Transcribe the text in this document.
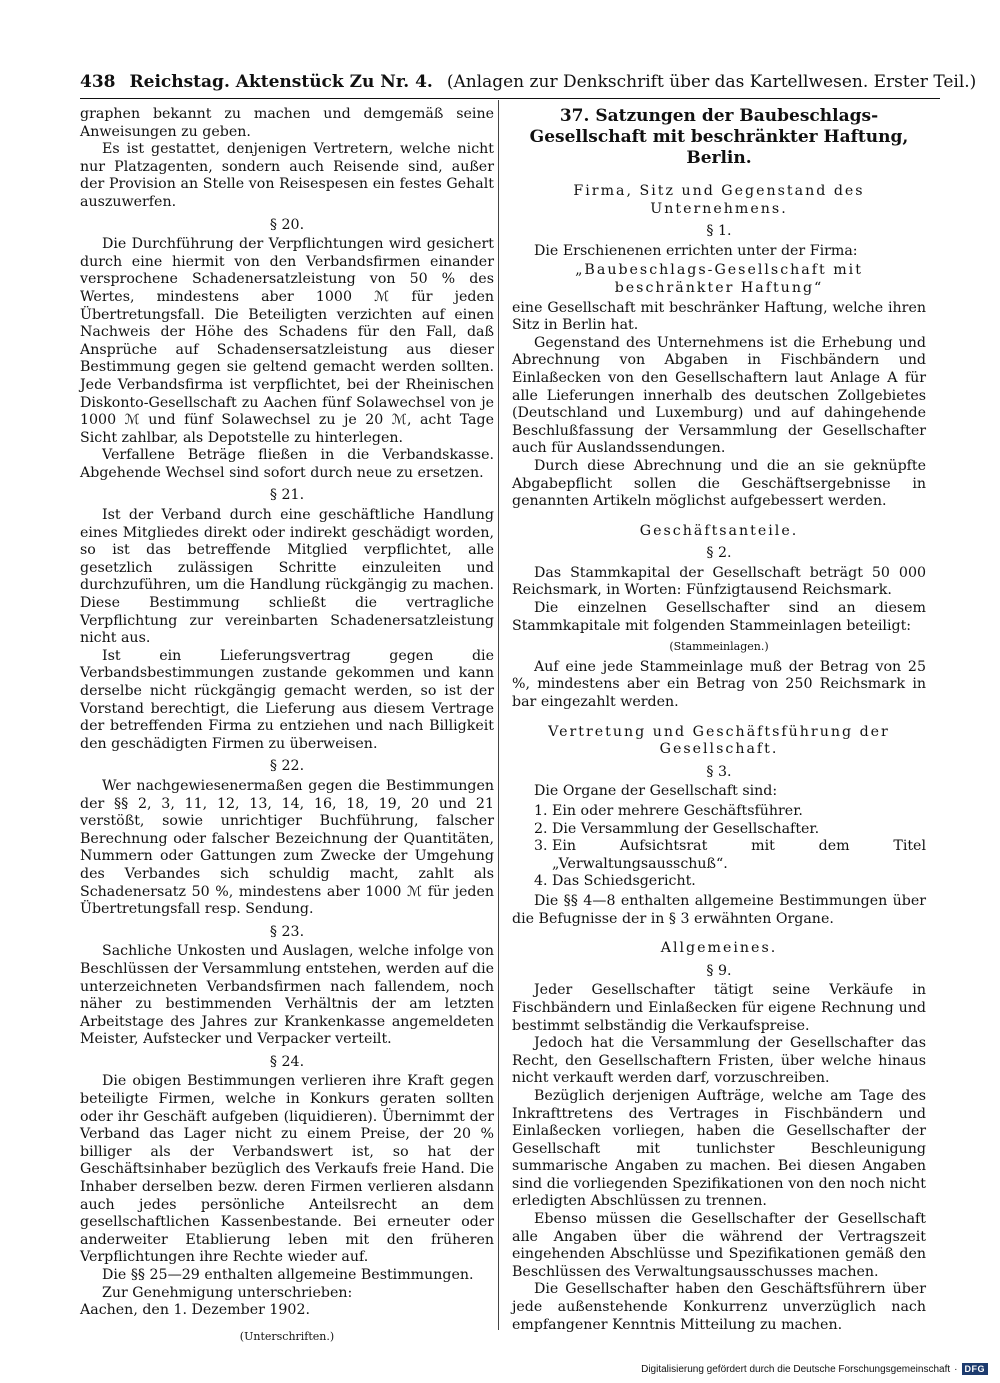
438 Reichstag. Aktenstück Zu Nr. 4. (Anlagen zur Denkschrift über das Kartellwesen. Erster Teil.)

graphen bekannt zu machen und demgemäß seine Anweisungen zu geben.

Es ist gestattet, denjenigen Vertretern, welche nicht nur Platzagenten, sondern auch Reisende sind, außer der Provision an Stelle von Reisespesen ein festes Gehalt auszuwerfen.

§ 20.

Die Durchführung der Verpflichtungen wird gesichert durch eine hiermit von den Verbandsfirmen einander versprochene Schadenersatzleistung von 50 % des Wertes, mindestens aber 1000 ℳ für jeden Übertretungsfall. Die Beteiligten verzichten auf einen Nachweis der Höhe des Schadens für den Fall, daß Ansprüche auf Schadensersatzleistung aus dieser Bestimmung gegen sie geltend gemacht werden sollten. Jede Verbandsfirma ist verpflichtet, bei der Rheinischen Diskonto-Gesellschaft zu Aachen fünf Solawechsel von je 1000 ℳ und fünf Solawechsel zu je 20 ℳ, acht Tage Sicht zahlbar, als Depotstelle zu hinterlegen.

Verfallene Beträge fließen in die Verbandskasse. Abgehende Wechsel sind sofort durch neue zu ersetzen.

§ 21.

Ist der Verband durch eine geschäftliche Handlung eines Mitgliedes direkt oder indirekt geschädigt worden, so ist das betreffende Mitglied verpflichtet, alle gesetzlich zulässigen Schritte einzuleiten und durchzuführen, um die Handlung rückgängig zu machen. Diese Bestimmung schließt die vertragliche Verpflichtung zur vereinbarten Schadenersatzleistung nicht aus.

Ist ein Lieferungsvertrag gegen die Verbandsbestimmungen zustande gekommen und kann derselbe nicht rückgängig gemacht werden, so ist der Vorstand berechtigt, die Lieferung aus diesem Vertrage der betreffenden Firma zu entziehen und nach Billigkeit den geschädigten Firmen zu überweisen.

§ 22.

Wer nachgewiesenermaßen gegen die Bestimmungen der §§ 2, 3, 11, 12, 13, 14, 16, 18, 19, 20 und 21 verstößt, sowie unrichtiger Buchführung, falscher Berechnung oder falscher Bezeichnung der Quantitäten, Nummern oder Gattungen zum Zwecke der Umgehung des Verbandes sich schuldig macht, zahlt als Schadenersatz 50 %, mindestens aber 1000 ℳ für jeden Übertretungsfall resp. Sendung.

§ 23.

Sachliche Unkosten und Auslagen, welche infolge von Beschlüssen der Versammlung entstehen, werden auf die unterzeichneten Verbandsfirmen nach fallendem, noch näher zu bestimmenden Verhältnis der am letzten Arbeitstage des Jahres zur Krankenkasse angemeldeten Meister, Aufstecker und Verpacker verteilt.

§ 24.

Die obigen Bestimmungen verlieren ihre Kraft gegen beteiligte Firmen, welche in Konkurs geraten sollten oder ihr Geschäft aufgeben (liquidieren). Übernimmt der Verband das Lager nicht zu einem Preise, der 20 % billiger als der Verbandswert ist, so hat der Geschäftsinhaber bezüglich des Verkaufs freie Hand. Die Inhaber derselben bezw. deren Firmen verlieren alsdann auch jedes persönliche Anteilsrecht an dem gesellschaftlichen Kassenbestande. Bei erneuter oder anderweiter Etablierung leben mit den früheren Verpflichtungen ihre Rechte wieder auf.

Die §§ 25—29 enthalten allgemeine Bestimmungen.

Zur Genehmigung unterschrieben:

Aachen, den 1. Dezember 1902.

(Unterschriften.)
37. Satzungen der Baubeschlags-Gesellschaft mit beschränkter Haftung, Berlin.
Firma, Sitz und Gegenstand des Unternehmens.
§ 1.

Die Erschienenen errichten unter der Firma:

„Baubeschlags-Gesellschaft mit beschränkter Haftung“

eine Gesellschaft mit beschränker Haftung, welche ihren Sitz in Berlin hat.

Gegenstand des Unternehmens ist die Erhebung und Abrechnung von Abgaben in Fischbändern und Einlaßecken von den Gesellschaftern laut Anlage A für alle Lieferungen innerhalb des deutschen Zollgebietes (Deutschland und Luxemburg) und auf dahingehende Beschlußfassung der Versammlung der Gesellschafter auch für Auslandssendungen.

Durch diese Abrechnung und die an sie geknüpfte Abgabepflicht sollen die Geschäftsergebnisse in genannten Artikeln möglichst aufgebessert werden.

Geschäftsanteile.
§ 2.

Das Stammkapital der Gesellschaft beträgt 50 000 Reichsmark, in Worten: Fünfzigtausend Reichsmark.

Die einzelnen Gesellschafter sind an diesem Stammkapitale mit folgenden Stammeinlagen beteiligt:

(Stammeinlagen.)

Auf eine jede Stammeinlage muß der Betrag von 25 %, mindestens aber ein Betrag von 250 Reichsmark in bar eingezahlt werden.

Vertretung und Geschäftsführung der Gesellschaft.
§ 3.

Die Organe der Gesellschaft sind:

1. Ein oder mehrere Geschäftsführer.
2. Die Versammlung der Gesellschafter.
3. Ein Aufsichtsrat mit dem Titel „Verwaltungsausschuß“.
4. Das Schiedsgericht.

Die §§ 4—8 enthalten allgemeine Bestimmungen über die Befugnisse der in § 3 erwähnten Organe.

Allgemeines.
§ 9.

Jeder Gesellschafter tätigt seine Verkäufe in Fischbändern und Einlaßecken für eigene Rechnung und bestimmt selbständig die Verkaufspreise.

Jedoch hat die Versammlung der Gesellschafter das Recht, den Gesellschaftern Fristen, über welche hinaus nicht verkauft werden darf, vorzuschreiben.

Bezüglich derjenigen Aufträge, welche am Tage des Inkrafttretens des Vertrages in Fischbändern und Einlaßecken vorliegen, haben die Gesellschafter der Gesellschaft mit tunlichster Beschleunigung summarische Angaben zu machen. Bei diesen Angaben sind die vorliegenden Spezifikationen von den noch nicht erledigten Abschlüssen zu trennen.

Ebenso müssen die Gesellschafter der Gesellschaft alle Angaben über die während der Vertragszeit eingehenden Abschlüsse und Spezifikationen gemäß den Beschlüssen des Verwaltungsausschusses machen.

Die Gesellschafter haben den Geschäftsführern über jede außenstehende Konkurrenz unverzüglich nach empfangener Kenntnis Mitteilung zu machen.

Digitalisierung gefördert durch die Deutsche Forschungsgemeinschaft · DFG
